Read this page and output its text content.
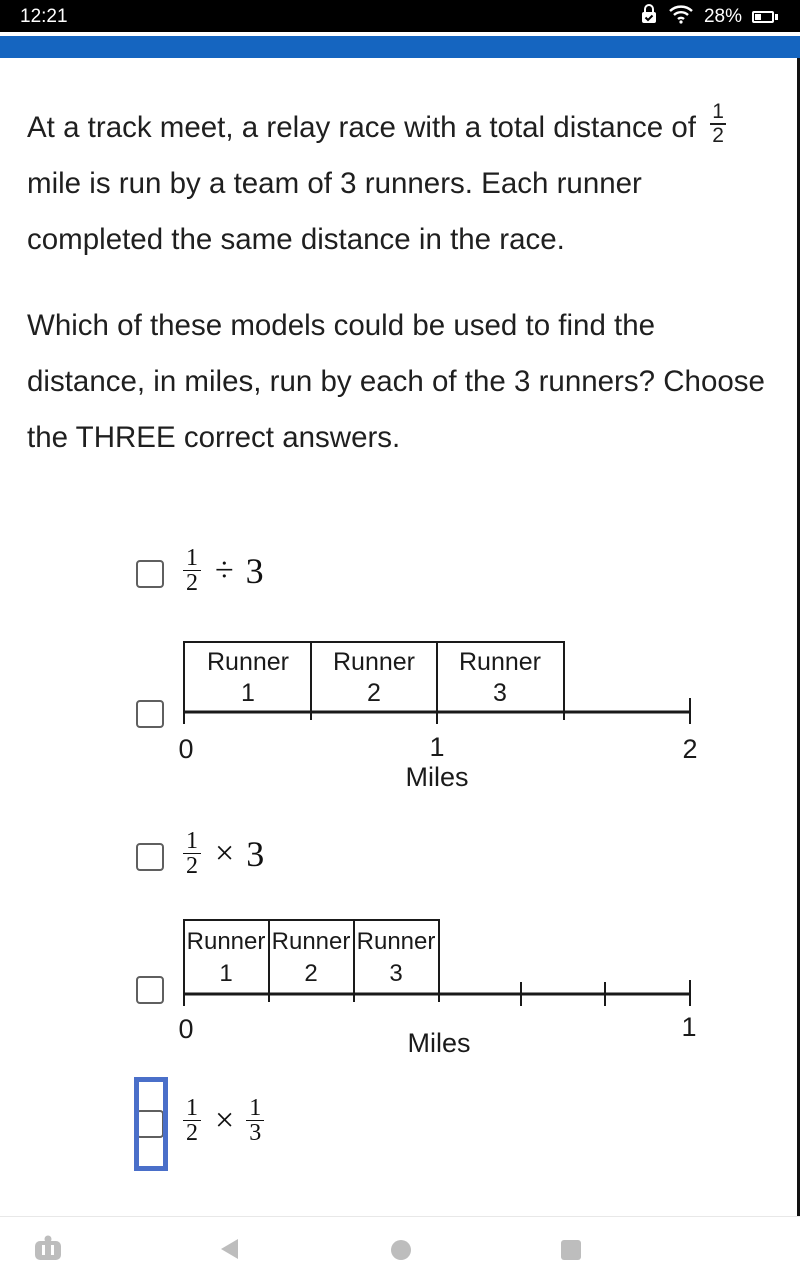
12:21	28%

At a track meet, a relay race with a total distance of $\frac{1}{2}$
mile is run by a team of 3 runners. Each runner completed the same distance in the race.

Which of these models could be used to find the distance, in miles, run by each of the 3 runners? Choose the THREE correct answers.

$\frac{1}{2} \div 3$
Runner
1
Runner
2
Runner
3
0	1	2
Miles
$\frac{1}{2} \times 3$
Runner
1
Runner
2
Runner
3
0	1
Miles
$\frac{1}{2} \times \frac{1}{3}$
